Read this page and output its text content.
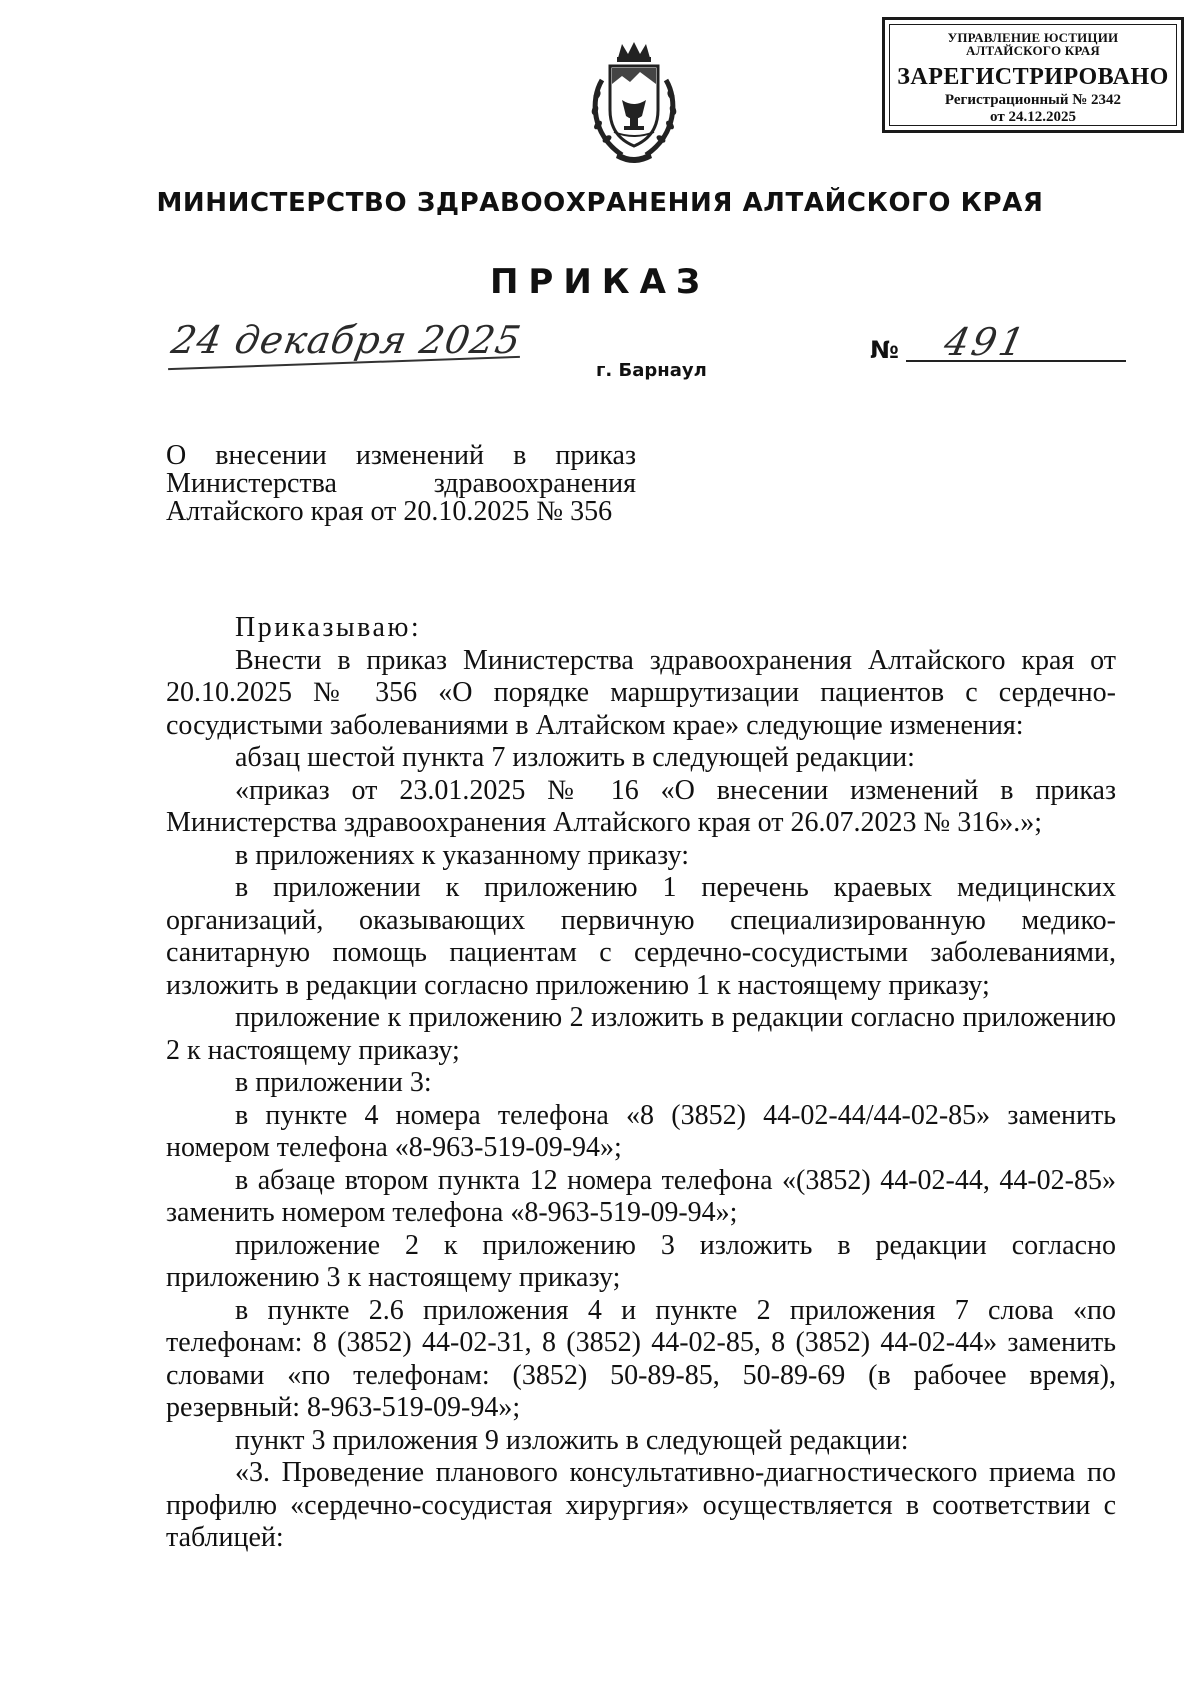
УПРАВЛЕНИЕ ЮСТИЦИИ
АЛТАЙСКОГО КРАЯ
ЗАРЕГИСТРИРОВАНО
Регистрационный № 2342
от 24.12.2025
МИНИСТЕРСТВО ЗДРАВООХРАНЕНИЯ АЛТАЙСКОГО КРАЯ
ПРИКАЗ
24 декабря 2025
г. Барнаул
№ 491
О внесении изменений в приказ
Министерства здравоохранения
Алтайского края от 20.10.2025 № 356

Приказываю:

Внести в приказ Министерства здравоохранения Алтайского края от 20.10.2025 № 356 «О порядке маршрутизации пациентов с сердечно-сосудистыми заболеваниями в Алтайском крае» следующие изменения:

абзац шестой пункта 7 изложить в следующей редакции:

«приказ от 23.01.2025 № 16 «О внесении изменений в приказ Министерства здравоохранения Алтайского края от 26.07.2023 № 316».»;

в приложениях к указанному приказу:

в приложении к приложению 1 перечень краевых медицинских организаций, оказывающих первичную специализированную медико-санитарную помощь пациентам с сердечно-сосудистыми заболеваниями, изложить в редакции согласно приложению 1 к настоящему приказу;

приложение к приложению 2 изложить в редакции согласно приложению 2 к настоящему приказу;

в приложении 3:

в пункте 4 номера телефона «8 (3852) 44-02-44/44-02-85» заменить номером телефона «8-963-519-09-94»;

в абзаце втором пункта 12 номера телефона «(3852) 44-02-44, 44-02-85» заменить номером телефона «8-963-519-09-94»;

приложение 2 к приложению 3 изложить в редакции согласно приложению 3 к настоящему приказу;

в пункте 2.6 приложения 4 и пункте 2 приложения 7 слова «по телефонам: 8 (3852) 44-02-31, 8 (3852) 44-02-85, 8 (3852) 44-02-44» заменить словами «по телефонам: (3852) 50-89-85, 50-89-69 (в рабочее время), резервный: 8-963-519-09-94»;

пункт 3 приложения 9 изложить в следующей редакции:

«3. Проведение планового консультативно-диагностического приема по профилю «сердечно-сосудистая хирургия» осуществляется в соответствии с таблицей:
